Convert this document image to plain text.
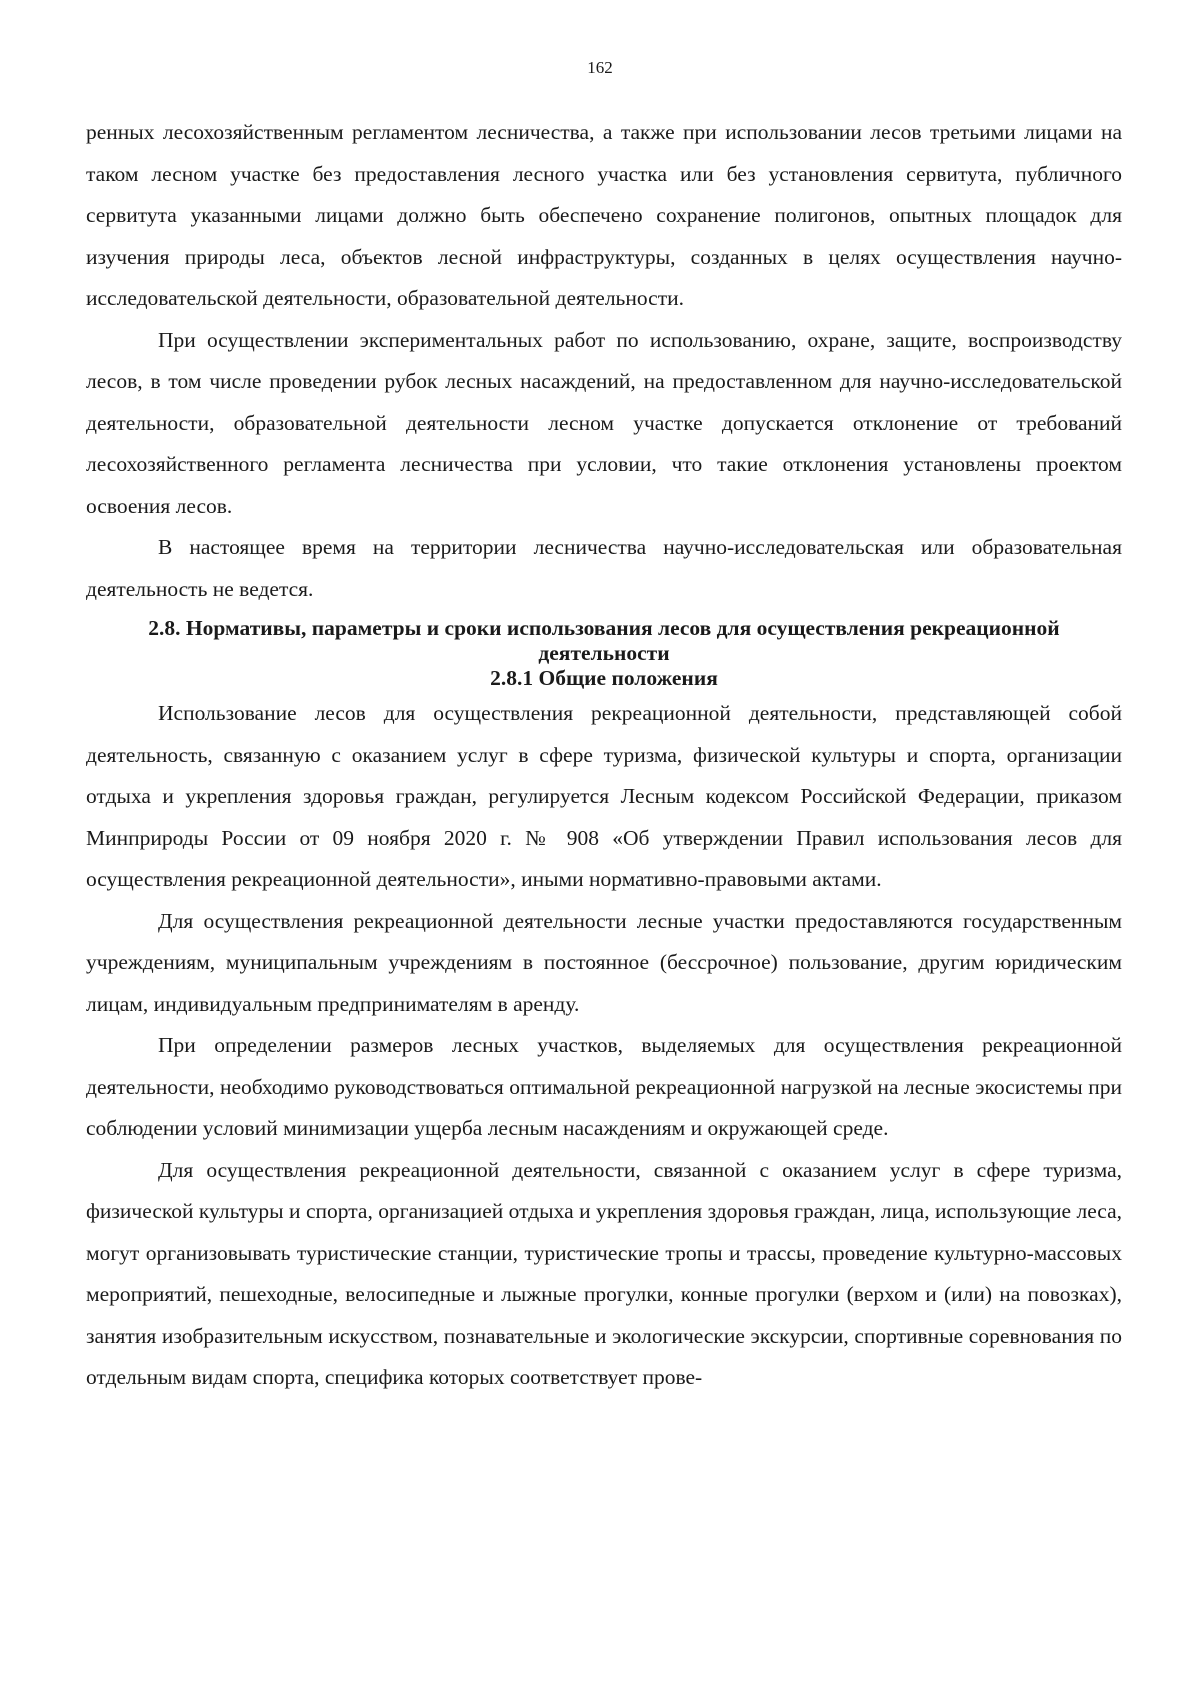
162

ренных лесохозяйственным регламентом лесничества, а также при использовании лесов третьими лицами на таком лесном участке без предоставления лесного участка или без установления сервитута, публичного сервитута указанными лицами должно быть обеспечено сохранение полигонов, опытных площадок для изучения природы леса, объектов лесной инфраструктуры, созданных в целях осуществления научно-исследовательской деятельности, образовательной деятельности.

При осуществлении экспериментальных работ по использованию, охране, защите, воспроизводству лесов, в том числе проведении рубок лесных насаждений, на предоставленном для научно-исследовательской деятельности, образовательной деятельности лесном участке допускается отклонение от требований лесохозяйственного регламента лесничества при условии, что такие отклонения установлены проектом освоения лесов.

В настоящее время на территории лесничества научно-исследовательская или образовательная деятельность не ведется.

2.8. Нормативы, параметры и сроки использования лесов для осуществления рекреационной деятельности
2.8.1 Общие положения

Использование лесов для осуществления рекреационной деятельности, представляющей собой деятельность, связанную с оказанием услуг в сфере туризма, физической культуры и спорта, организации отдыха и укрепления здоровья граждан, регулируется Лесным кодексом Российской Федерации, приказом Минприроды России от 09 ноября 2020 г. № 908 «Об утверждении Правил использования лесов для осуществления рекреационной деятельности», иными нормативно-правовыми актами.

Для осуществления рекреационной деятельности лесные участки предоставляются государственным учреждениям, муниципальным учреждениям в постоянное (бессрочное) пользование, другим юридическим лицам, индивидуальным предпринимателям в аренду.

При определении размеров лесных участков, выделяемых для осуществления рекреационной деятельности, необходимо руководствоваться оптимальной рекреационной нагрузкой на лесные экосистемы при соблюдении условий минимизации ущерба лесным насаждениям и окружающей среде.

Для осуществления рекреационной деятельности, связанной с оказанием услуг в сфере туризма, физической культуры и спорта, организацией отдыха и укрепления здоровья граждан, лица, использующие леса, могут организовывать туристические станции, туристические тропы и трассы, проведение культурно-массовых мероприятий, пешеходные, велосипедные и лыжные прогулки, конные прогулки (верхом и (или) на повозках), занятия изобразительным искусством, познавательные и экологические экскурсии, спортивные соревнования по отдельным видам спорта, специфика которых соответствует прове-
